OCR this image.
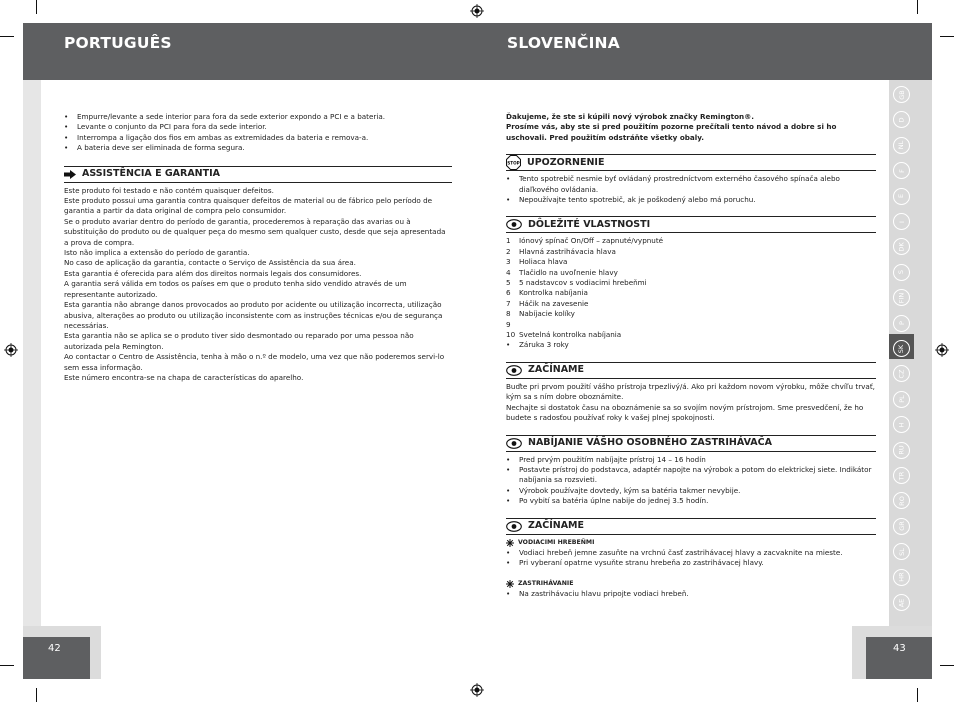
PORTUGUÊS	SLOVENČINA
• Empurre/levante a sede interior para fora da sede exterior expondo a PCI e a bateria.
• Levante o conjunto da PCI para fora da sede interior.
• Interrompa a ligação dos fios em ambas as extremidades da bateria e remova-a.
• A bateria deve ser eliminada de forma segura.
ASSISTÊNCIA E GARANTIA

Este produto foi testado e não contém quaisquer defeitos.

Este produto possui uma garantia contra quaisquer defeitos de material ou de fábrico pelo período de garantia a partir da data original de compra pelo consumidor.

Se o produto avariar dentro do período de garantia, procederemos à reparação das avarias ou à substituição do produto ou de qualquer peça do mesmo sem qualquer custo, desde que seja apresentada a prova de compra.

Isto não implica a extensão do período de garantia.

No caso de aplicação da garantia, contacte o Serviço de Assistência da sua área.

Esta garantia é oferecida para além dos direitos normais legais dos consumidores.

A garantia será válida em todos os países em que o produto tenha sido vendido através de um representante autorizado.

Esta garantia não abrange danos provocados ao produto por acidente ou utilização incorrecta, utilização abusiva, alterações ao produto ou utilização inconsistente com as instruções técnicas e/ou de segurança necessárias.

Esta garantia não se aplica se o produto tiver sido desmontado ou reparado por uma pessoa não autorizada pela Remington.

Ao contactar o Centro de Assistência, tenha à mão o n.º de modelo, uma vez que não poderemos servi-lo sem essa informação.

Este número encontra-se na chapa de características do aparelho.

Ďakujeme, že ste si kúpili nový výrobok značky Remington®.

Prosíme vás, aby ste si pred použitím pozorne prečítali tento návod a dobre si ho uschovali. Pred použitím odstráňte všetky obaly.

STOP UPOZORNENIE
• Tento spotrebič nesmie byť ovládaný prostredníctvom externého časového spínača alebo diaľkového ovládania.
• Nepoužívajte tento spotrebič, ak je poškodený alebo má poruchu.
DÔLEŽITÉ VLASTNOSTI
1 Iónový spínač On/Off – zapnuté/vypnuté
2 Hlavná zastrihávacia hlava
3 Holiaca hlava
4 Tlačidlo na uvoľnenie hlavy
5 5 nadstavcov s vodiacimi hrebeňmi
6 Kontrolka nabíjania
7 Háčik na zavesenie
8 Nabíjacie kolíky
9
10 Svetelná kontrolka nabíjania
• Záruka 3 roky
ZAČÍNAME

Buďte pri prvom použití vášho prístroja trpezlivý/á. Ako pri každom novom výrobku, môže chvíľu trvať, kým sa s ním dobre oboznámite.

Nechajte si dostatok času na oboznámenie sa so svojím novým prístrojom. Sme presvedčení, že ho budete s radosťou používať roky k vašej plnej spokojnosti.

NABÍJANIE VÁŠHO OSOBNÉHO ZASTRIHÁVAČA
• Pred prvým použitím nabíjajte prístroj 14 – 16 hodín
• Postavte prístroj do podstavca, adaptér napojte na výrobok a potom do elektrickej siete. Indikátor nabíjania sa rozsvieti.
• Výrobok používajte dovtedy, kým sa batéria takmer nevybije.
• Po vybití sa batéria úplne nabije do jednej 3.5 hodín.
ZAČÍNAME
VODIACIMI HREBEŇMI
• Vodiaci hrebeň jemne zasuňte na vrchnú časť zastrihávacej hlavy a zacvaknite na mieste.
• Pri vyberaní opatrne vysuňte stranu hrebeňa zo zastrihávacej hlavy.
ZASTRIHÁVANIE
• Na zastrihávaciu hlavu pripojte vodiaci hrebeň.
GB
D
NL
F
E
I
DK
S
FIN
P
SK
CZ
PL
H
RU
TR
RO
GR
SL
HR
AE
42	43
